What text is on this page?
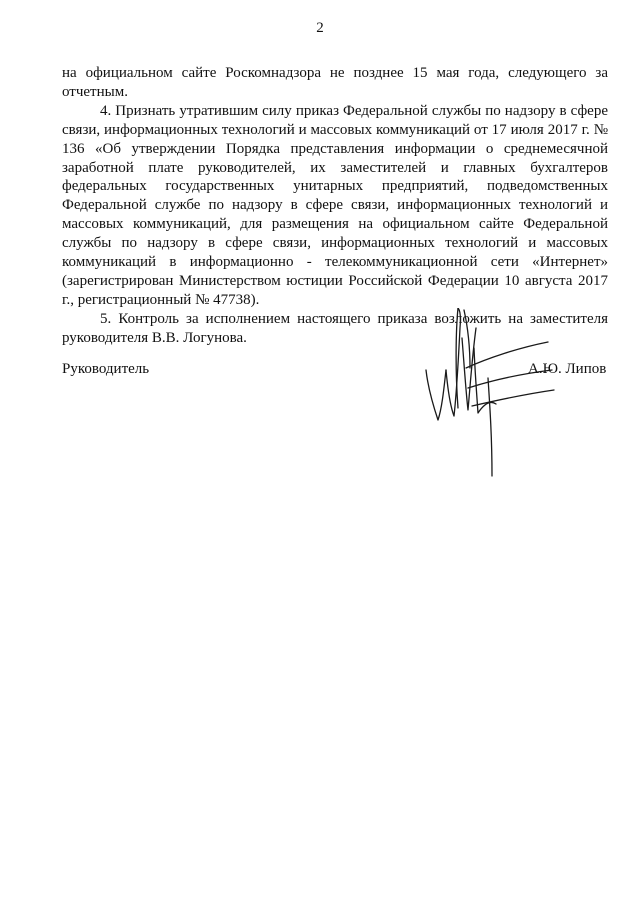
2

на официальном сайте Роскомнадзора не позднее 15 мая года, следующего за отчетным.

4. Признать утратившим силу приказ Федеральной службы по надзору в сфере связи, информационных технологий и массовых коммуникаций от 17 июля 2017 г. № 136 «Об утверждении Порядка представления информации о среднемесячной заработной плате руководителей, их заместителей и главных бухгалтеров федеральных государственных унитарных предприятий, подведомственных Федеральной службе по надзору в сфере связи, информационных технологий и массовых коммуникаций, для размещения на официальном сайте Федеральной службы по надзору в сфере связи, информационных технологий и массовых коммуникаций в информационно - телекоммуникационной сети «Интернет» (зарегистрирован Министерством юстиции Российской Федерации 10 августа 2017 г., регистрационный № 47738).

5. Контроль за исполнением настоящего приказа возложить на заместителя руководителя В.В. Логунова.

Руководитель	А.Ю. Липов
